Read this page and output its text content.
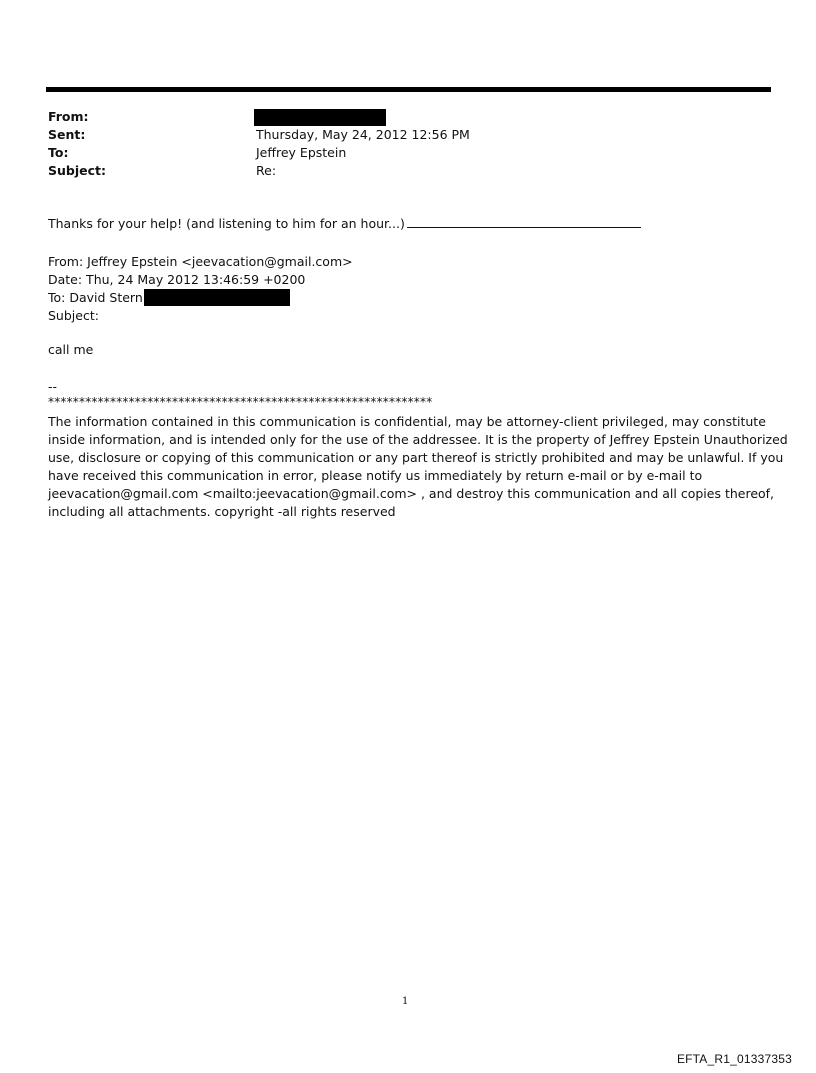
From:
Sent:	Thursday, May 24, 2012 12:56 PM
To:	Jeffrey Epstein
Subject:	Re:
Thanks for your help! (and listening to him for an hour...)
From: Jeffrey Epstein <jeevacation@gmail.com>
Date: Thu, 24 May 2012 13:46:59 +0200
To: David Stern
Subject:
call me
--
**************************************************************
The information contained in this communication is confidential, may be attorney-client privileged, may constitute
inside information, and is intended only for the use of the addressee. It is the property of Jeffrey Epstein Unauthorized
use, disclosure or copying of this communication or any part thereof is strictly prohibited and may be unlawful. If you
have received this communication in error, please notify us immediately by return e-mail or by e-mail to
jeevacation@gmail.com <mailto:jeevacation@gmail.com> , and destroy this communication and all copies thereof,
including all attachments. copyright -all rights reserved
1
EFTA_R1_01337353
